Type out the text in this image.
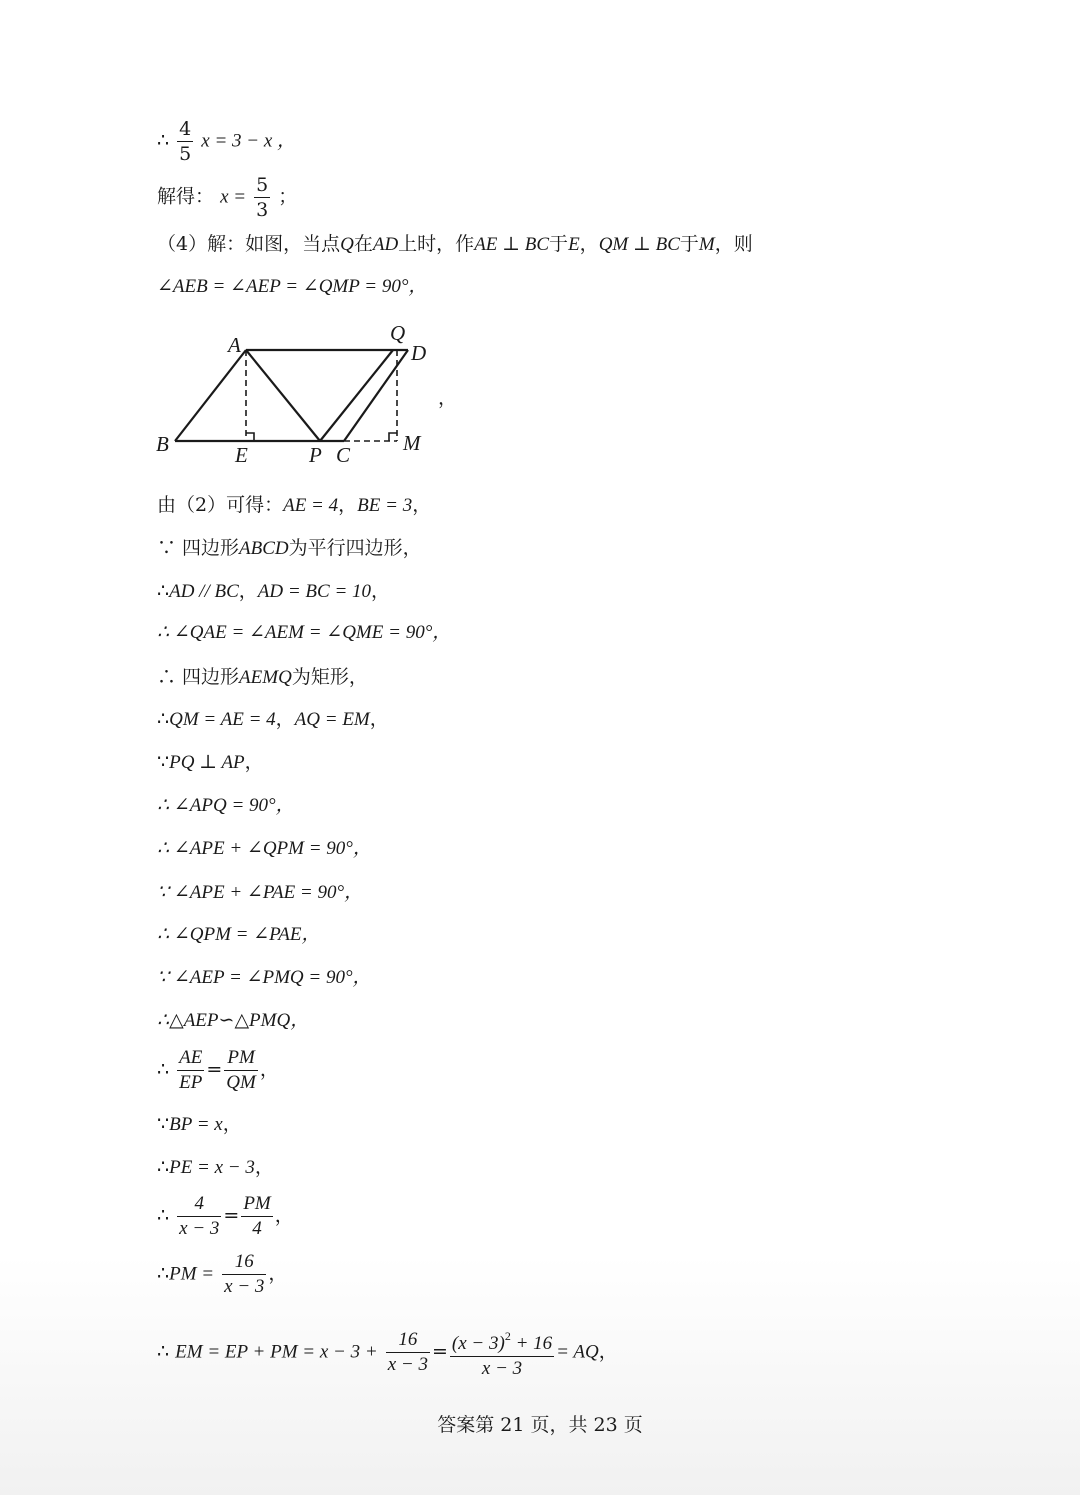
∴ $\frac{4}{5}$ x = 3 − x ，
解得： $x = \frac{5}{3}$ ；
（4）解：如图，当点Q在AD上时，作AE ⊥ BC于E，QM ⊥ BC于M，则
∠AEB = ∠AEP = ∠QMP = 90°，
A	Q
D
B	E	P C	M
，
由（2）可得：AE = 4，BE = 3，
∵ 四边形ABCD为平行四边形，
∴AD // BC，AD = BC = 10，
∴ ∠QAE = ∠AEM = ∠QME = 90°，
∴ 四边形AEMQ为矩形，
∴QM = AE = 4，AQ = EM，
∵PQ ⊥ AP，
∴ ∠APQ = 90°，
∴ ∠APE + ∠QPM = 90°，
∵ ∠APE + ∠PAE = 90°，
∴ ∠QPM = ∠PAE，
∵ ∠AEP = ∠PMQ = 90°，
∴△AEP∽△PMQ，
∴ $\frac{AE}{EP} = \frac{PM}{QM}$ ，
∵BP = x，
∴PE = x − 3，
∴ $\frac{4}{x - 3} = \frac{PM}{4}$ ，
∴PM = $\frac{16}{x - 3}$ ，
∴ EM = EP + PM = $x - 3 + \frac{16}{x - 3} = \frac{(x - 3)^2 + 16}{x - 3}$ = AQ，
答案第 21 页，共 23 页
